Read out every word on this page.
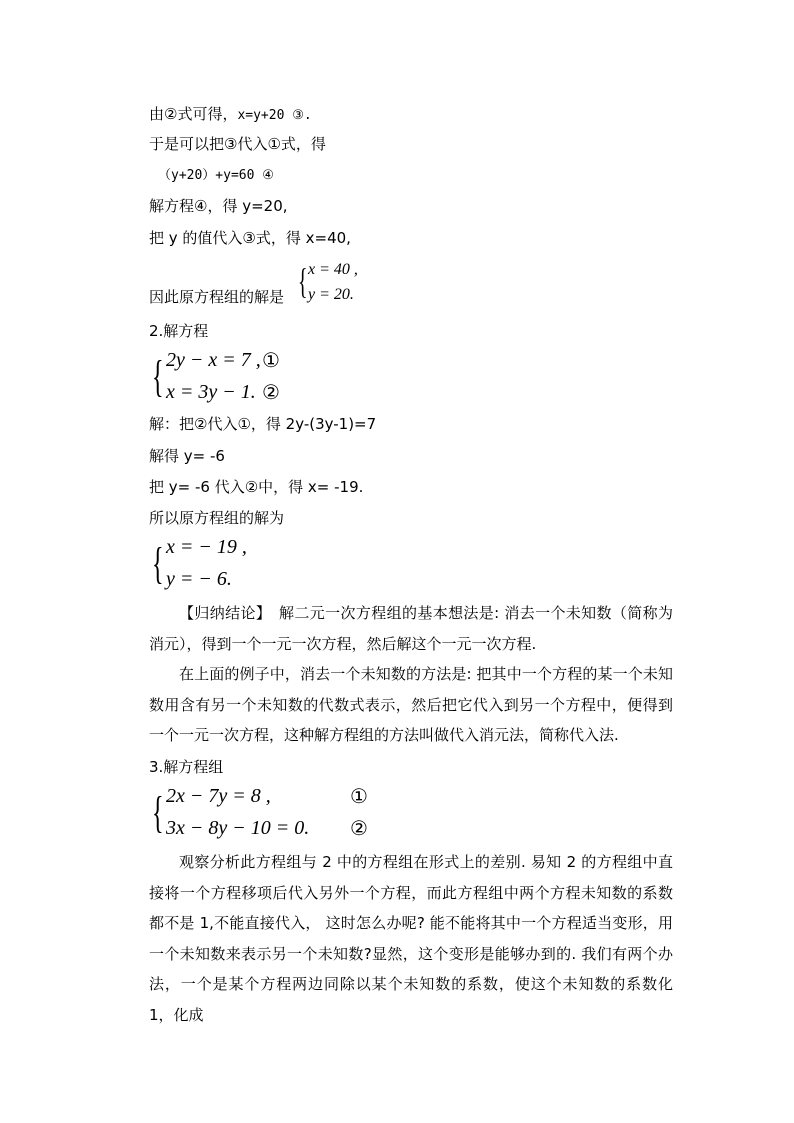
由②式可得，x=y+20 ③.
于是可以把③代入①式，得
（y+20）+y=60 ④
解方程④，得 y=20,
把 y 的值代入③式，得 x=40,
因此原方程组的解是 { x = 40 ,
y = 20.
2.解方程
{ 2y − x = 7 , ①
x = 3y − 1. ②
解：把②代入①，得 2y-(3y-1)=7
解得 y= -6
把 y= -6 代入②中，得 x= -19.
所以原方程组的解为
{ x = − 19 ,
y = − 6.
【归纳结论】　解二元一次方程组的基本想法是: 消去一个未知数（简称为消元），得到一个一元一次方程，然后解这个一元一次方程.
在上面的例子中，消去一个未知数的方法是: 把其中一个方程的某一个未知数用含有另一个未知数的代数式表示，然后把它代入到另一个方程中，便得到一个一元一次方程，这种解方程组的方法叫做代入消元法，简称代入法.
3.解方程组
{ 2x − 7y = 8 ,	①
3x − 8y − 10 = 0. ②
观察分析此方程组与 2 中的方程组在形式上的差别. 易知 2 的方程组中直接将一个方程移项后代入另外一个方程，而此方程组中两个方程未知数的系数都不是 1,不能直接代入， 这时怎么办呢? 能不能将其中一个方程适当变形，用一个未知数来表示另一个未知数?显然，这个变形是能够办到的. 我们有两个办法，一个是某个方程两边同除以某个未知数的系数，使这个未知数的系数化 1，化成
